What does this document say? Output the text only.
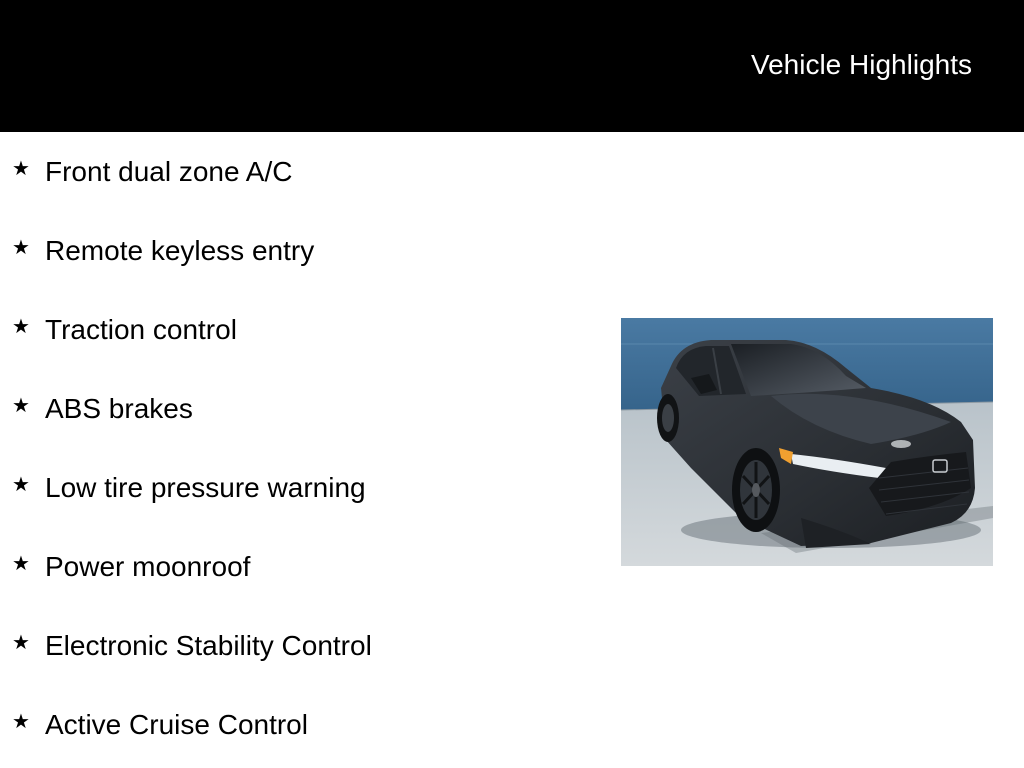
Vehicle Highlights
★ Front dual zone A/C
★ Remote keyless entry
★ Traction control
★ ABS brakes
★ Low tire pressure warning
★ Power moonroof
★ Electronic Stability Control
★ Active Cruise Control
